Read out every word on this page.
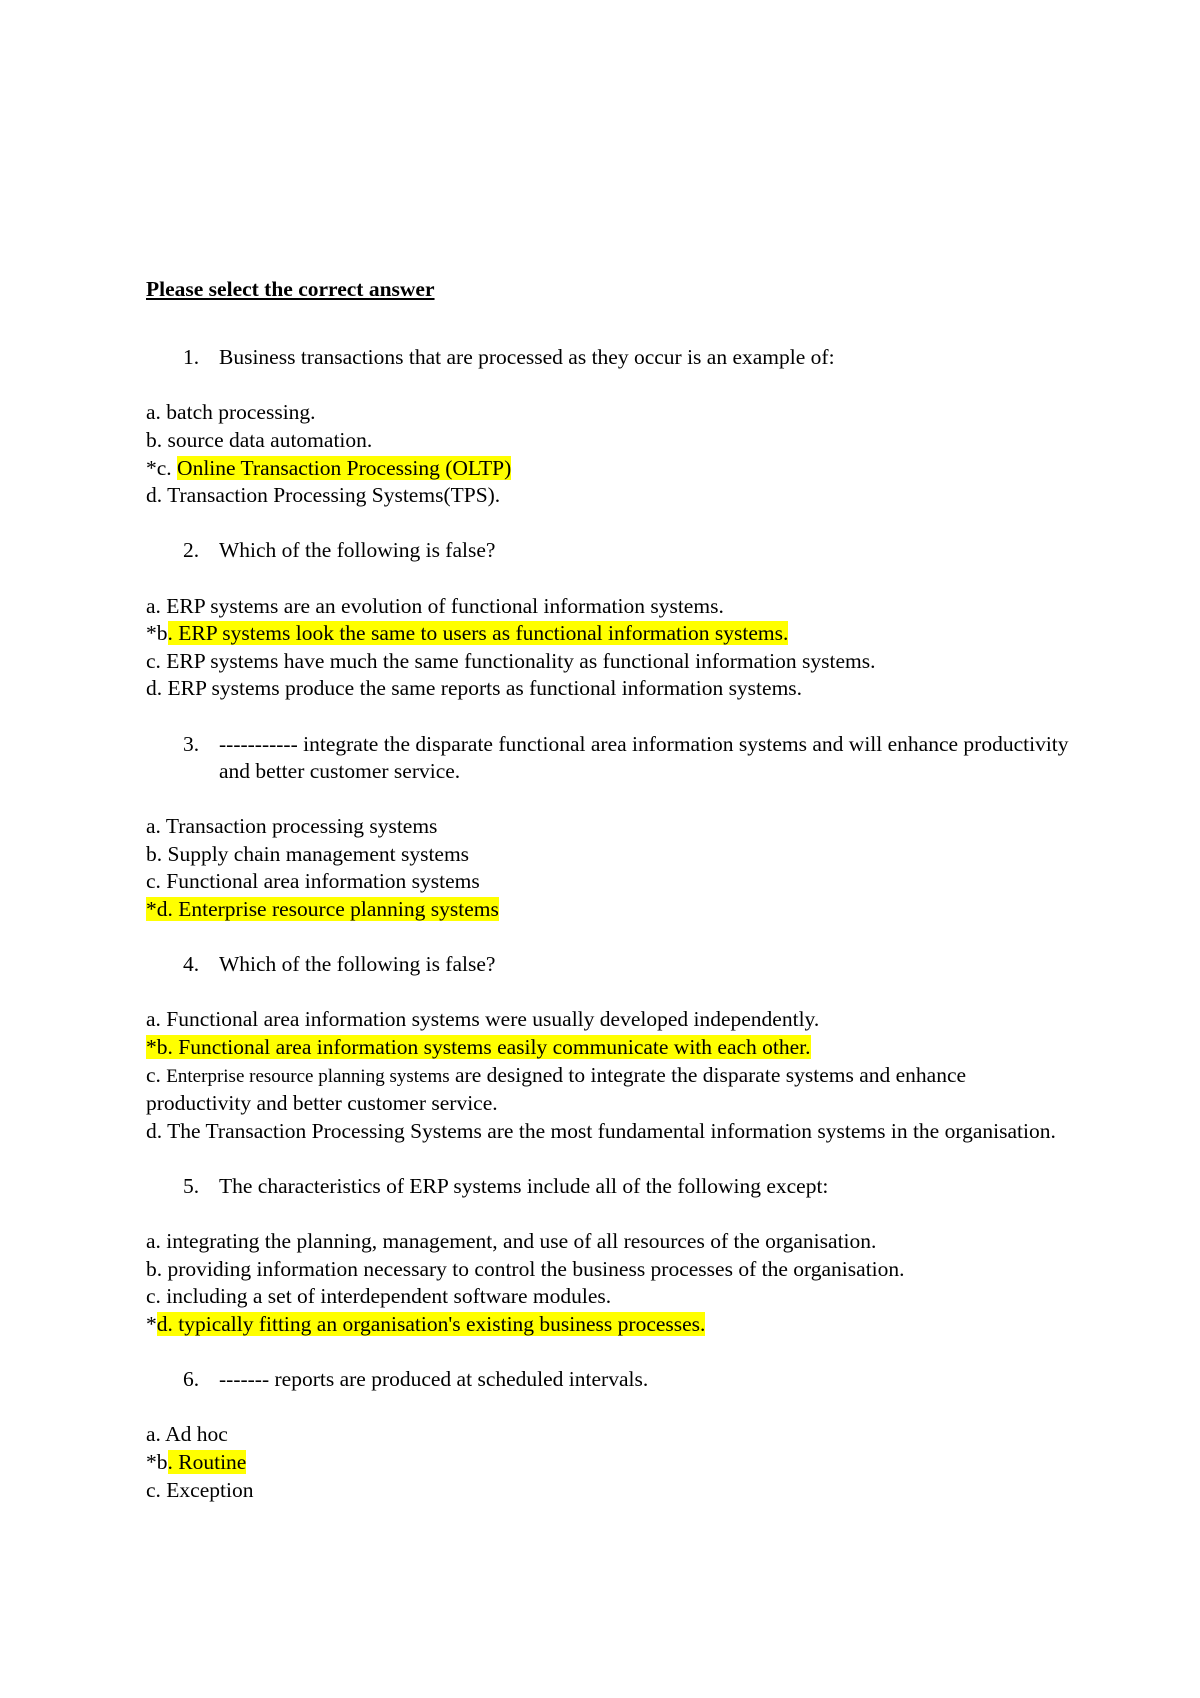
Please select the correct answer

1. Business transactions that are processed as they occur is an example of:

a. batch processing.

b. source data automation.

*c. Online Transaction Processing (OLTP)

d. Transaction Processing Systems(TPS).

2. Which of the following is false?

a. ERP systems are an evolution of functional information systems.

*b. ERP systems look the same to users as functional information systems.

c. ERP systems have much the same functionality as functional information systems.

d. ERP systems produce the same reports as functional information systems.

3. ----------- integrate the disparate functional area information systems and will enhance productivity and better customer service.

a. Transaction processing systems

b. Supply chain management systems

c. Functional area information systems

*d. Enterprise resource planning systems

4. Which of the following is false?

a. Functional area information systems were usually developed independently.

*b. Functional area information systems easily communicate with each other.

c. Enterprise resource planning systems are designed to integrate the disparate systems and enhance productivity and better customer service.

d. The Transaction Processing Systems are the most fundamental information systems in the organisation.

5. The characteristics of ERP systems include all of the following except:

a. integrating the planning, management, and use of all resources of the organisation.

b. providing information necessary to control the business processes of the organisation.

c. including a set of interdependent software modules.

*d. typically fitting an organisation's existing business processes.

6. ------- reports are produced at scheduled intervals.

a. Ad hoc

*b. Routine

c. Exception
